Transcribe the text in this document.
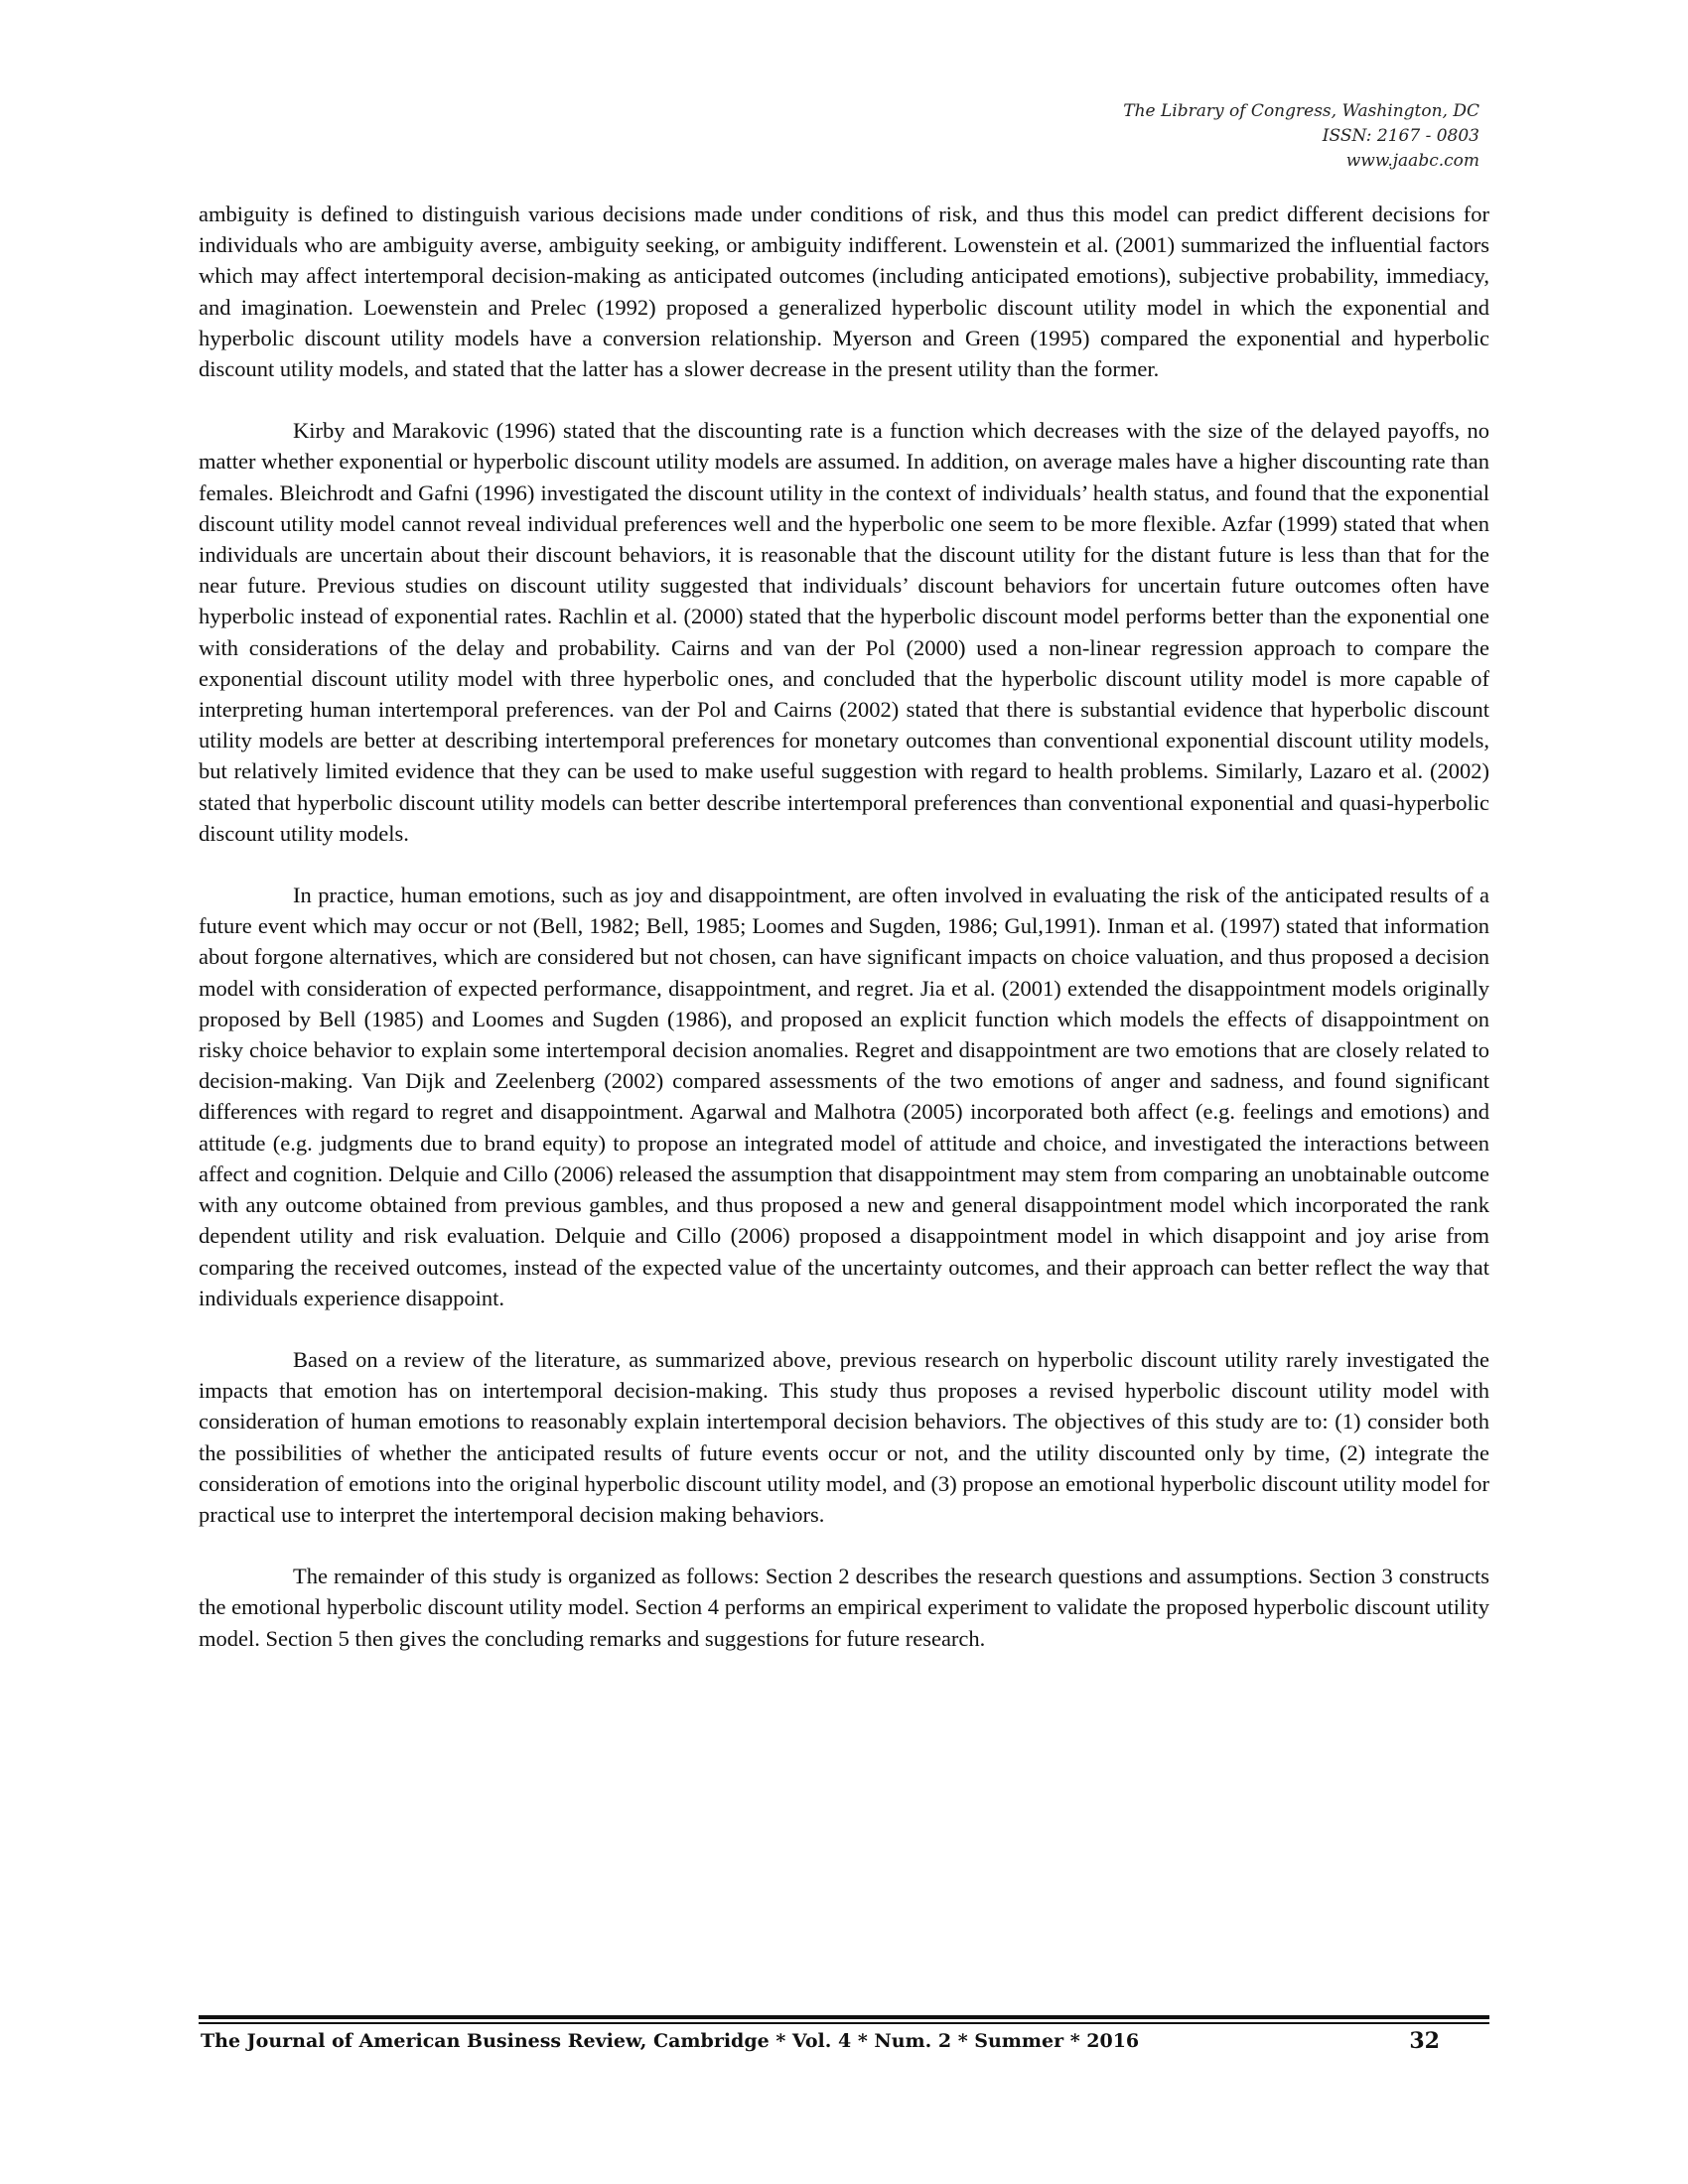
The Library of Congress, Washington, DC
ISSN: 2167 - 0803
www.jaabc.com

ambiguity is defined to distinguish various decisions made under conditions of risk, and thus this model can predict different decisions for individuals who are ambiguity averse, ambiguity seeking, or ambiguity indifferent. Lowenstein et al. (2001) summarized the influential factors which may affect intertemporal decision-making as anticipated outcomes (including anticipated emotions), subjective probability, immediacy, and imagination. Loewenstein and Prelec (1992) proposed a generalized hyperbolic discount utility model in which the exponential and hyperbolic discount utility models have a conversion relationship. Myerson and Green (1995) compared the exponential and hyperbolic discount utility models, and stated that the latter has a slower decrease in the present utility than the former.

Kirby and Marakovic (1996) stated that the discounting rate is a function which decreases with the size of the delayed payoffs, no matter whether exponential or hyperbolic discount utility models are assumed. In addition, on average males have a higher discounting rate than females. Bleichrodt and Gafni (1996) investigated the discount utility in the context of individuals’ health status, and found that the exponential discount utility model cannot reveal individual preferences well and the hyperbolic one seem to be more flexible. Azfar (1999) stated that when individuals are uncertain about their discount behaviors, it is reasonable that the discount utility for the distant future is less than that for the near future. Previous studies on discount utility suggested that individuals’ discount behaviors for uncertain future outcomes often have hyperbolic instead of exponential rates. Rachlin et al. (2000) stated that the hyperbolic discount model performs better than the exponential one with considerations of the delay and probability. Cairns and van der Pol (2000) used a non-linear regression approach to compare the exponential discount utility model with three hyperbolic ones, and concluded that the hyperbolic discount utility model is more capable of interpreting human intertemporal preferences. van der Pol and Cairns (2002) stated that there is substantial evidence that hyperbolic discount utility models are better at describing intertemporal preferences for monetary outcomes than conventional exponential discount utility models, but relatively limited evidence that they can be used to make useful suggestion with regard to health problems. Similarly, Lazaro et al. (2002) stated that hyperbolic discount utility models can better describe intertemporal preferences than conventional exponential and quasi-hyperbolic discount utility models.

In practice, human emotions, such as joy and disappointment, are often involved in evaluating the risk of the anticipated results of a future event which may occur or not (Bell, 1982; Bell, 1985; Loomes and Sugden, 1986; Gul,1991). Inman et al. (1997) stated that information about forgone alternatives, which are considered but not chosen, can have significant impacts on choice valuation, and thus proposed a decision model with consideration of expected performance, disappointment, and regret. Jia et al. (2001) extended the disappointment models originally proposed by Bell (1985) and Loomes and Sugden (1986), and proposed an explicit function which models the effects of disappointment on risky choice behavior to explain some intertemporal decision anomalies. Regret and disappointment are two emotions that are closely related to decision-making. Van Dijk and Zeelenberg (2002) compared assessments of the two emotions of anger and sadness, and found significant differences with regard to regret and disappointment. Agarwal and Malhotra (2005) incorporated both affect (e.g. feelings and emotions) and attitude (e.g. judgments due to brand equity) to propose an integrated model of attitude and choice, and investigated the interactions between affect and cognition. Delquie and Cillo (2006) released the assumption that disappointment may stem from comparing an unobtainable outcome with any outcome obtained from previous gambles, and thus proposed a new and general disappointment model which incorporated the rank dependent utility and risk evaluation. Delquie and Cillo (2006) proposed a disappointment model in which disappoint and joy arise from comparing the received outcomes, instead of the expected value of the uncertainty outcomes, and their approach can better reflect the way that individuals experience disappoint.

Based on a review of the literature, as summarized above, previous research on hyperbolic discount utility rarely investigated the impacts that emotion has on intertemporal decision-making. This study thus proposes a revised hyperbolic discount utility model with consideration of human emotions to reasonably explain intertemporal decision behaviors. The objectives of this study are to: (1) consider both the possibilities of whether the anticipated results of future events occur or not, and the utility discounted only by time, (2) integrate the consideration of emotions into the original hyperbolic discount utility model, and (3) propose an emotional hyperbolic discount utility model for practical use to interpret the intertemporal decision making behaviors.

The remainder of this study is organized as follows: Section 2 describes the research questions and assumptions. Section 3 constructs the emotional hyperbolic discount utility model. Section 4 performs an empirical experiment to validate the proposed hyperbolic discount utility model. Section 5 then gives the concluding remarks and suggestions for future research.

The Journal of American Business Review, Cambridge * Vol. 4 * Num. 2 * Summer * 2016	32
